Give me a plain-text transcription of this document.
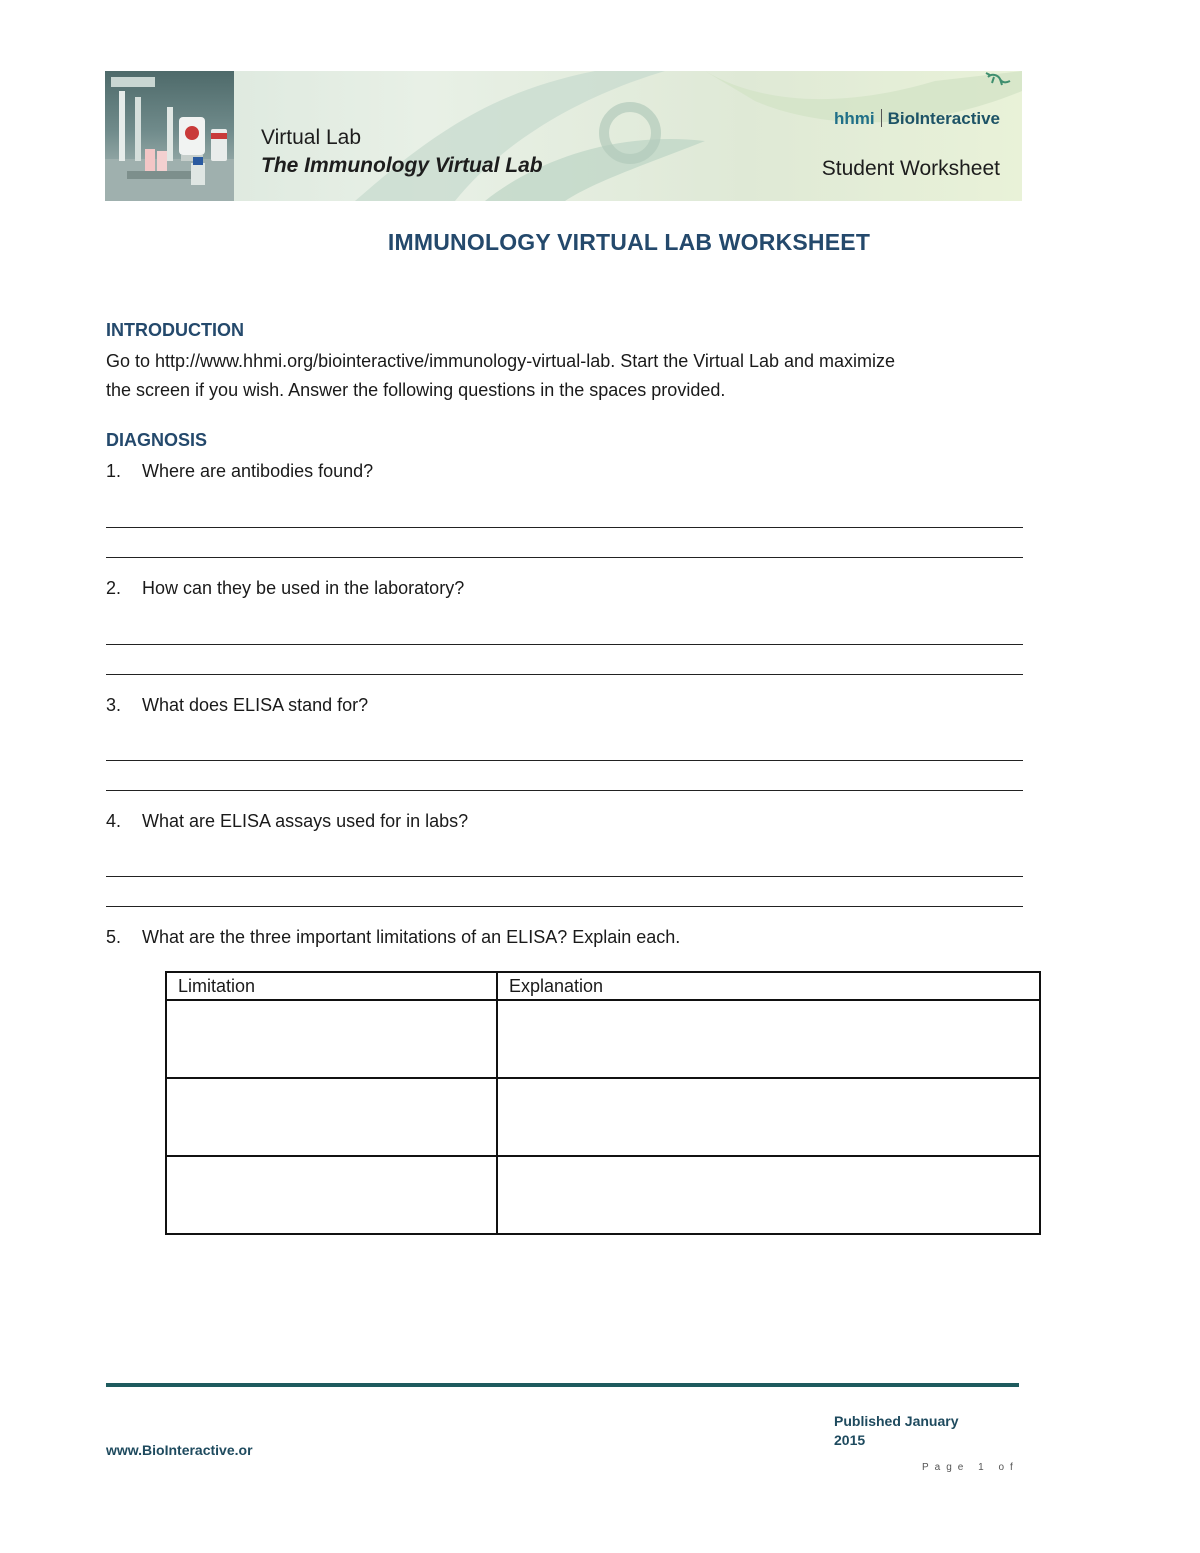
Virtual Lab
The Immunology Virtual Lab	Student Worksheet
hhmi BioInteractive
IMMUNOLOGY VIRTUAL LAB WORKSHEET
INTRODUCTION
Go to http://www.hhmi.org/biointeractive/immunology-virtual-lab. Start the Virtual Lab and maximize
the screen if you wish. Answer the following questions in the spaces provided.
DIAGNOSIS
1. Where are antibodies found?
2. How can they be used in the laboratory?
3. What does ELISA stand for?
4. What are ELISA assays used for in labs?
5. What are the three important limitations of an ELISA? Explain each.
Limitation	Explanation

Published January
2015
www.BioInteractive.or
Page 1 of
